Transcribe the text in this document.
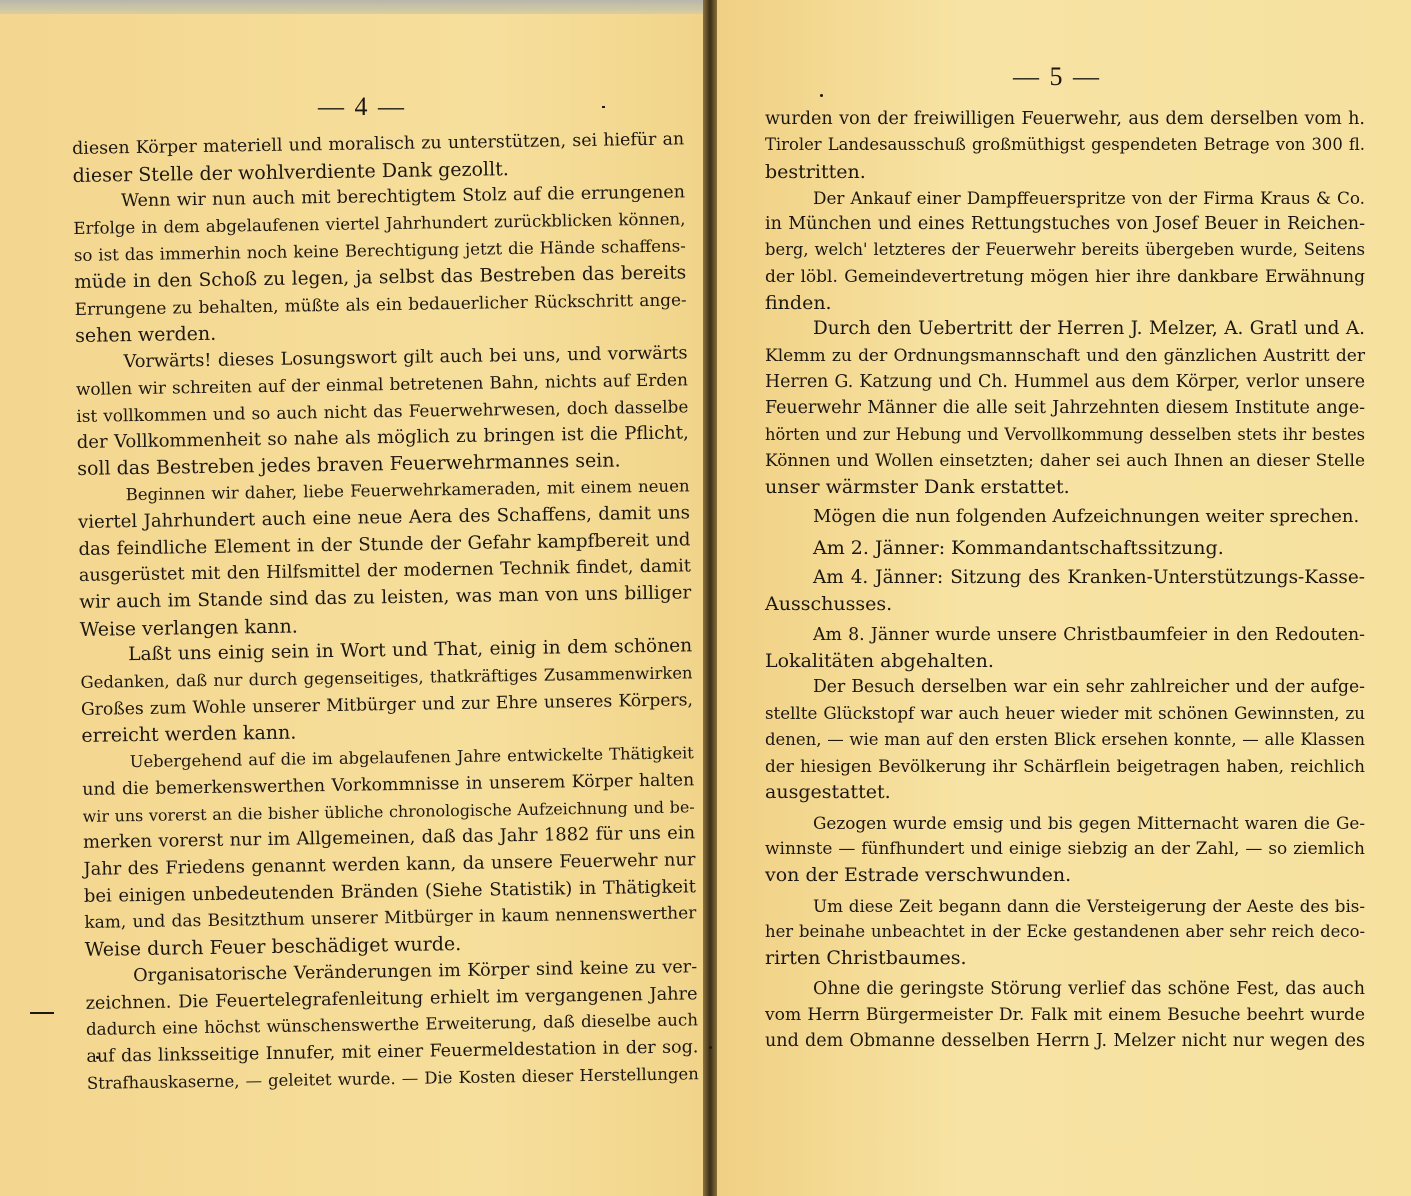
— 4 —
diesen Körper materiell und moralisch zu unterstützen, sei hiefür an
dieser Stelle der wohlverdiente Dank gezollt.
Wenn wir nun auch mit berechtigtem Stolz auf die errungenen
Erfolge in dem abgelaufenen viertel Jahrhundert zurückblicken können,
so ist das immerhin noch keine Berechtigung jetzt die Hände schaffens-
müde in den Schoß zu legen, ja selbst das Bestreben das bereits
Errungene zu behalten, müßte als ein bedauerlicher Rückschritt ange-
sehen werden.
Vorwärts! dieses Losungswort gilt auch bei uns, und vorwärts
wollen wir schreiten auf der einmal betretenen Bahn, nichts auf Erden
ist vollkommen und so auch nicht das Feuerwehrwesen, doch dasselbe
der Vollkommenheit so nahe als möglich zu bringen ist die Pflicht,
soll das Bestreben jedes braven Feuerwehrmannes sein.
Beginnen wir daher, liebe Feuerwehrkameraden, mit einem neuen
viertel Jahrhundert auch eine neue Aera des Schaffens, damit uns
das feindliche Element in der Stunde der Gefahr kampfbereit und
ausgerüstet mit den Hilfsmittel der modernen Technik findet, damit
wir auch im Stande sind das zu leisten, was man von uns billiger
Weise verlangen kann.
Laßt uns einig sein in Wort und That, einig in dem schönen
Gedanken, daß nur durch gegenseitiges, thatkräftiges Zusammenwirken
Großes zum Wohle unserer Mitbürger und zur Ehre unseres Körpers,
erreicht werden kann.
Uebergehend auf die im abgelaufenen Jahre entwickelte Thätigkeit
und die bemerkenswerthen Vorkommnisse in unserem Körper halten
wir uns vorerst an die bisher übliche chronologische Aufzeichnung und be-
merken vorerst nur im Allgemeinen, daß das Jahr 1882 für uns ein
Jahr des Friedens genannt werden kann, da unsere Feuerwehr nur
bei einigen unbedeutenden Bränden (Siehe Statistik) in Thätigkeit
kam, und das Besitzthum unserer Mitbürger in kaum nennenswerther
Weise durch Feuer beschädiget wurde.
Organisatorische Veränderungen im Körper sind keine zu ver-
zeichnen. Die Feuertelegrafenleitung erhielt im vergangenen Jahre
dadurch eine höchst wünschenswerthe Erweiterung, daß dieselbe auch
auf das linksseitige Innufer, mit einer Feuermeldestation in der sog.
Strafhauskaserne, — geleitet wurde. — Die Kosten dieser Herstellungen
— 5 —
wurden von der freiwilligen Feuerwehr, aus dem derselben vom h.
Tiroler Landesausschuß großmüthigst gespendeten Betrage von 300 fl.
bestritten.
Der Ankauf einer Dampffeuerspritze von der Firma Kraus & Co.
in München und eines Rettungstuches von Josef Beuer in Reichen-
berg, welch' letzteres der Feuerwehr bereits übergeben wurde, Seitens
der löbl. Gemeindevertretung mögen hier ihre dankbare Erwähnung
finden.
Durch den Uebertritt der Herren J. Melzer, A. Gratl und A.
Klemm zu der Ordnungsmannschaft und den gänzlichen Austritt der
Herren G. Katzung und Ch. Hummel aus dem Körper, verlor unsere
Feuerwehr Männer die alle seit Jahrzehnten diesem Institute ange-
hörten und zur Hebung und Vervollkommung desselben stets ihr bestes
Können und Wollen einsetzten; daher sei auch Ihnen an dieser Stelle
unser wärmster Dank erstattet.
Mögen die nun folgenden Aufzeichnungen weiter sprechen.
Am 2. Jänner: Kommandantschaftssitzung.
Am 4. Jänner: Sitzung des Kranken-Unterstützungs-Kasse-
Ausschusses.
Am 8. Jänner wurde unsere Christbaumfeier in den Redouten-
Lokalitäten abgehalten.
Der Besuch derselben war ein sehr zahlreicher und der aufge-
stellte Glückstopf war auch heuer wieder mit schönen Gewinnsten, zu
denen, — wie man auf den ersten Blick ersehen konnte, — alle Klassen
der hiesigen Bevölkerung ihr Schärflein beigetragen haben, reichlich
ausgestattet.
Gezogen wurde emsig und bis gegen Mitternacht waren die Ge-
winnste — fünfhundert und einige siebzig an der Zahl, — so ziemlich
von der Estrade verschwunden.
Um diese Zeit begann dann die Versteigerung der Aeste des bis-
her beinahe unbeachtet in der Ecke gestandenen aber sehr reich deco-
rirten Christbaumes.
Ohne die geringste Störung verlief das schöne Fest, das auch
vom Herrn Bürgermeister Dr. Falk mit einem Besuche beehrt wurde
und dem Obmanne desselben Herrn J. Melzer nicht nur wegen des
